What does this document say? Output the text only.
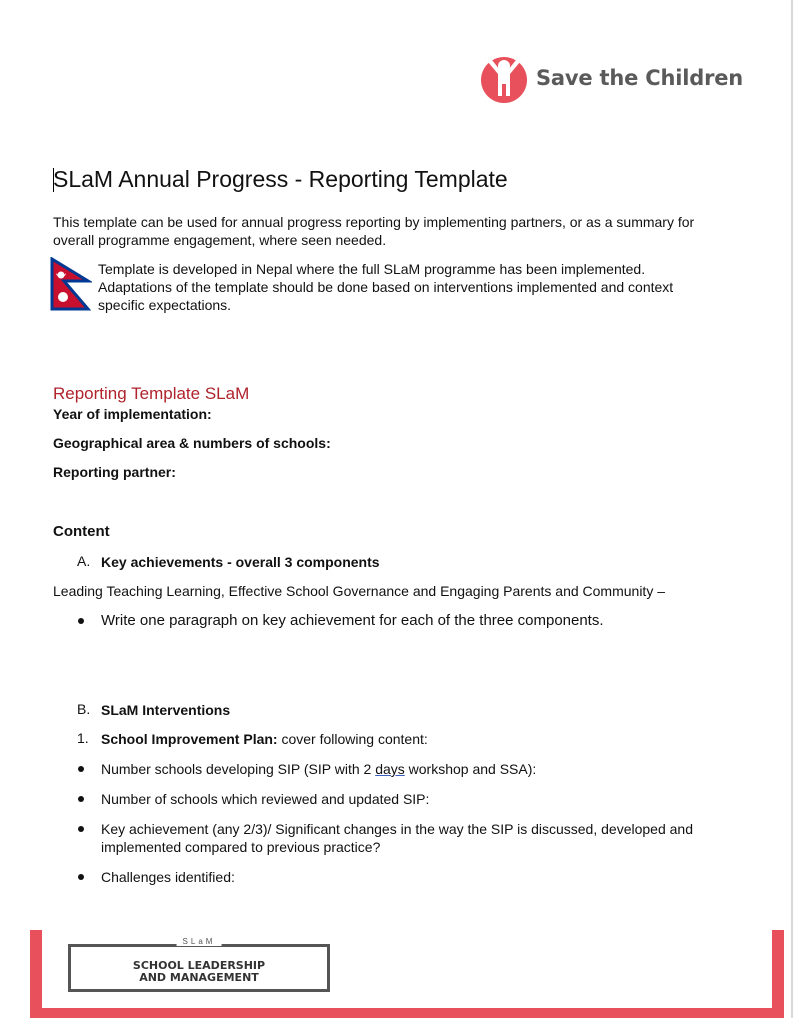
Save the Children
SLaM Annual Progress - Reporting Template
This template can be used for annual progress reporting by implementing partners, or as a summary for overall programme engagement, where seen needed.
Template is developed in Nepal where the full SLaM programme has been implemented. Adaptations of the template should be done based on interventions implemented and context specific expectations.
Reporting Template SLaM
Year of implementation:
Geographical area & numbers of schools:
Reporting partner:
Content
A. Key achievements - overall 3 components
Leading Teaching Learning, Effective School Governance and Engaging Parents and Community –
Write one paragraph on key achievement for each of the three components.
B. SLaM Interventions
1. School Improvement Plan: cover following content:
Number schools developing SIP (SIP with 2 days workshop and SSA):
Number of schools which reviewed and updated SIP:
Key achievement (any 2/3)/ Significant changes in the way the SIP is discussed, developed and implemented compared to previous practice?
Challenges identified:
SLaM
SCHOOL LEADERSHIP
AND MANAGEMENT
